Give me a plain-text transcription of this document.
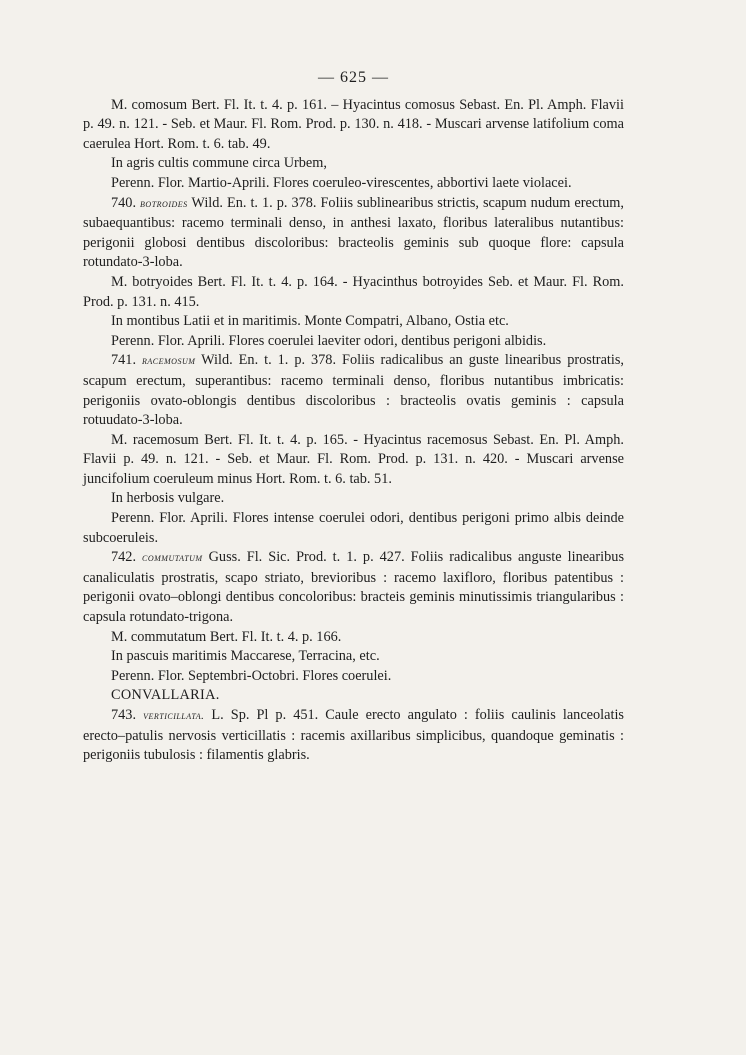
— 625 —

M. comosum Bert. Fl. It. t. 4. p. 161. – Hyacintus comosus Sebast. En. Pl. Amph. Flavii p. 49. n. 121. - Seb. et Maur. Fl. Rom. Prod. p. 130. n. 418. - Muscari arvense latifolium coma caerulea Hort. Rom. t. 6. tab. 49.

In agris cultis commune circa Urbem,

Perenn. Flor. Martio-Aprili. Flores coeruleo-virescentes, abbortivi laete violacei.

740. botroides Wild. En. t. 1. p. 378. Foliis sublinearibus strictis, scapum nudum erectum, subaequantibus: racemo terminali denso, in anthesi laxato, floribus lateralibus nutantibus: perigonii globosi dentibus discoloribus: bracteolis geminis sub quoque flore: capsula rotundato-3-loba.

M. botryoides Bert. Fl. It. t. 4. p. 164. - Hyacinthus botroyides Seb. et Maur. Fl. Rom. Prod. p. 131. n. 415.

In montibus Latii et in maritimis. Monte Compatri, Albano, Ostia etc.

Perenn. Flor. Aprili. Flores coerulei laeviter odori, dentibus perigoni albidis.

741. racemosum Wild. En. t. 1. p. 378. Foliis radicalibus an guste linearibus prostratis, scapum erectum, superantibus: racemo terminali denso, floribus nutantibus imbricatis: perigoniis ovato-oblongis dentibus discoloribus : bracteolis ovatis geminis : capsula rotuudato-3-loba.

M. racemosum Bert. Fl. It. t. 4. p. 165. - Hyacintus racemosus Sebast. En. Pl. Amph. Flavii p. 49. n. 121. - Seb. et Maur. Fl. Rom. Prod. p. 131. n. 420. - Muscari arvense juncifolium coeruleum minus Hort. Rom. t. 6. tab. 51.

In herbosis vulgare.

Perenn. Flor. Aprili. Flores intense coerulei odori, dentibus perigoni primo albis deinde subcoeruleis.

742. commutatum Guss. Fl. Sic. Prod. t. 1. p. 427. Foliis radicalibus anguste linearibus canaliculatis prostratis, scapo striato, brevioribus : racemo laxifloro, floribus patentibus : perigonii ovato–oblongi dentibus concoloribus: bracteis geminis minutissimis triangularibus : capsula rotundato-trigona.

M. commutatum Bert. Fl. It. t. 4. p. 166.

In pascuis maritimis Maccarese, Terracina, etc.

Perenn. Flor. Septembri-Octobri. Flores coerulei.

CONVALLARIA.

743. verticillata. L. Sp. Pl p. 451. Caule erecto angulato : foliis caulinis lanceolatis erecto–patulis nervosis verticillatis : racemis axillaribus simplicibus, quandoque geminatis : perigoniis tubulosis : filamentis glabris.
